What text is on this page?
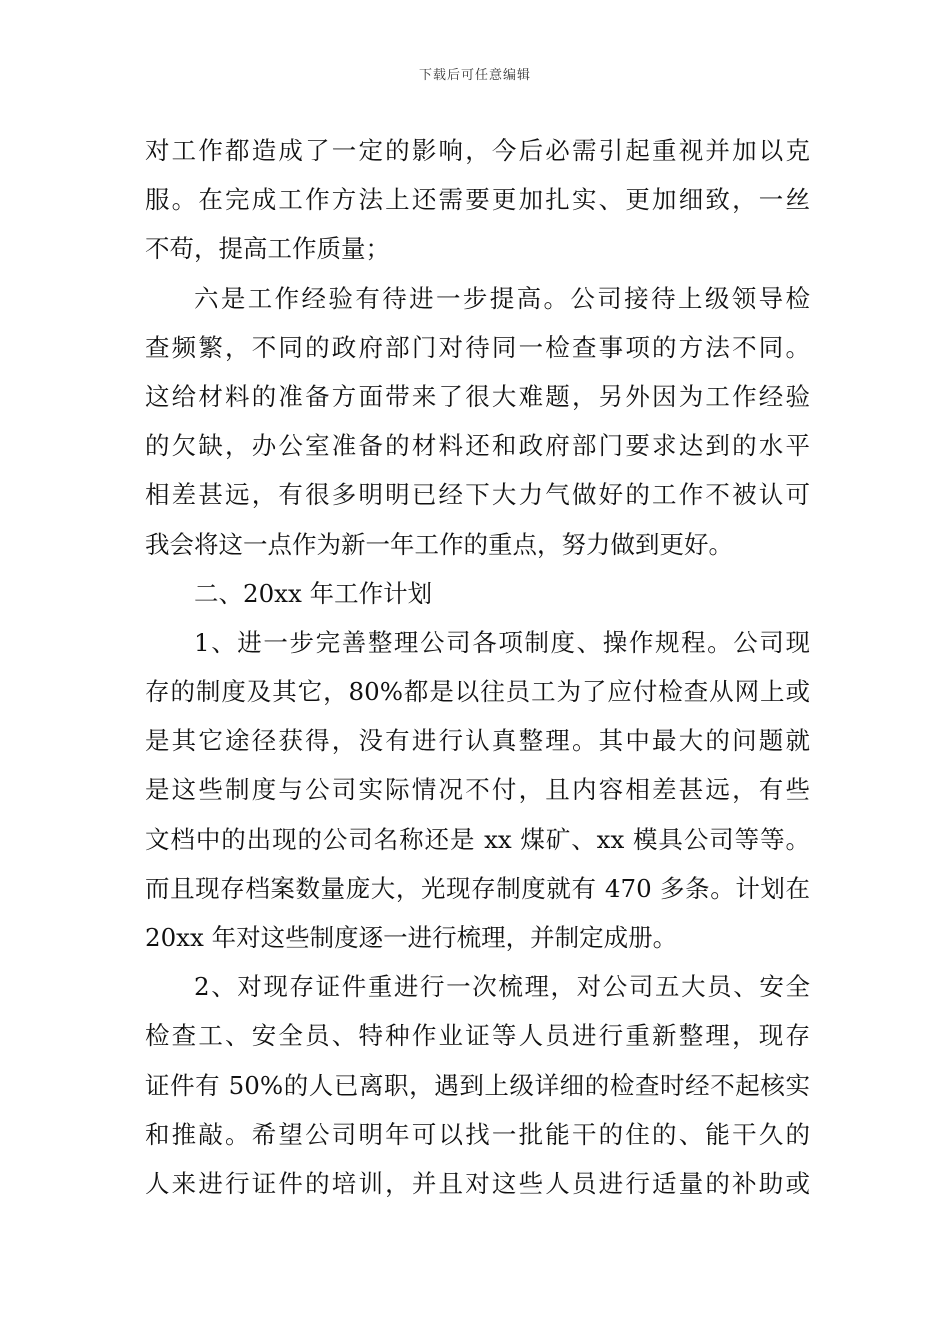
下载后可任意编辑
对工作都造成了一定的影响，今后必需引起重视并加以克
服。在完成工作方法上还需要更加扎实、更加细致，一丝
不苟，提高工作质量；
六是工作经验有待进一步提高。公司接待上级领导检
查频繁，不同的政府部门对待同一检查事项的方法不同。
这给材料的准备方面带来了很大难题，另外因为工作经验
的欠缺，办公室准备的材料还和政府部门要求达到的水平
相差甚远，有很多明明已经下大力气做好的工作不被认可
我会将这一点作为新一年工作的重点，努力做到更好。
二、20xx 年工作计划
1、进一步完善整理公司各项制度、操作规程。公司现
存的制度及其它，80%都是以往员工为了应付检查从网上或
是其它途径获得，没有进行认真整理。其中最大的问题就
是这些制度与公司实际情况不付，且内容相差甚远，有些
文档中的出现的公司名称还是 xx 煤矿、xx 模具公司等等。
而且现存档案数量庞大，光现存制度就有 470 多条。计划在
20xx 年对这些制度逐一进行梳理，并制定成册。
2、对现存证件重进行一次梳理，对公司五大员、安全
检查工、安全员、特种作业证等人员进行重新整理，现存
证件有 50%的人已离职，遇到上级详细的检查时经不起核实
和推敲。希望公司明年可以找一批能干的住的、能干久的
人来进行证件的培训，并且对这些人员进行适量的补助或
